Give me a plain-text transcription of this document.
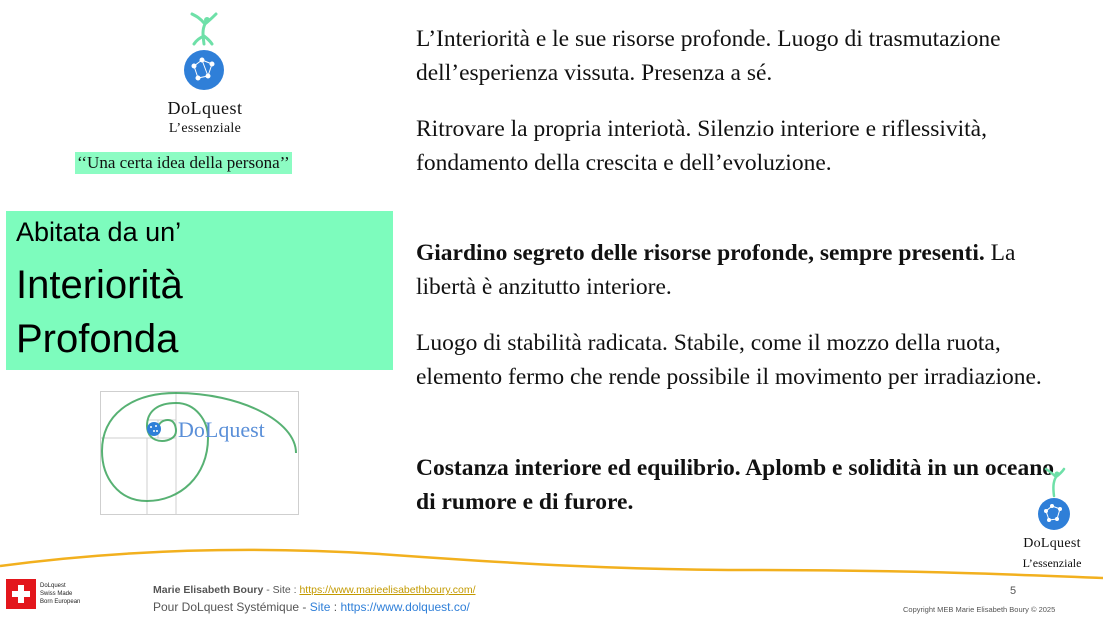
DoLquest
L’essenziale
‘‘Una certa idea della persona’’
Abitata da un’
Interiorità
Profonda
DoLquest
L’Interiorità e le sue risorse profonde. Luogo di trasmutazione dell’esperienza vissuta. Presenza a sé.
Ritrovare la propria interiotà. Silenzio interiore e riflessività, fondamento della crescita e dell’evoluzione.
Giardino segreto delle risorse profonde, sempre presenti. La libertà è anzitutto interiore.
Luogo di stabilità radicata. Stabile, come il mozzo della ruota, elemento fermo che rende possibile il movimento per irradiazione.
Costanza interiore ed equilibrio. Aplomb e solidità in un oceano di rumore e di furore.
DoLquest
L’essenziale
DoLquest
Swiss Made
Born European
Marie Elisabeth Boury - Site : https://www.marieelisabethboury.com/
Pour DoLquest Systémique - Site : https://www.dolquest.co/
5
Copyright MEB Marie Elisabeth Boury © 2025
